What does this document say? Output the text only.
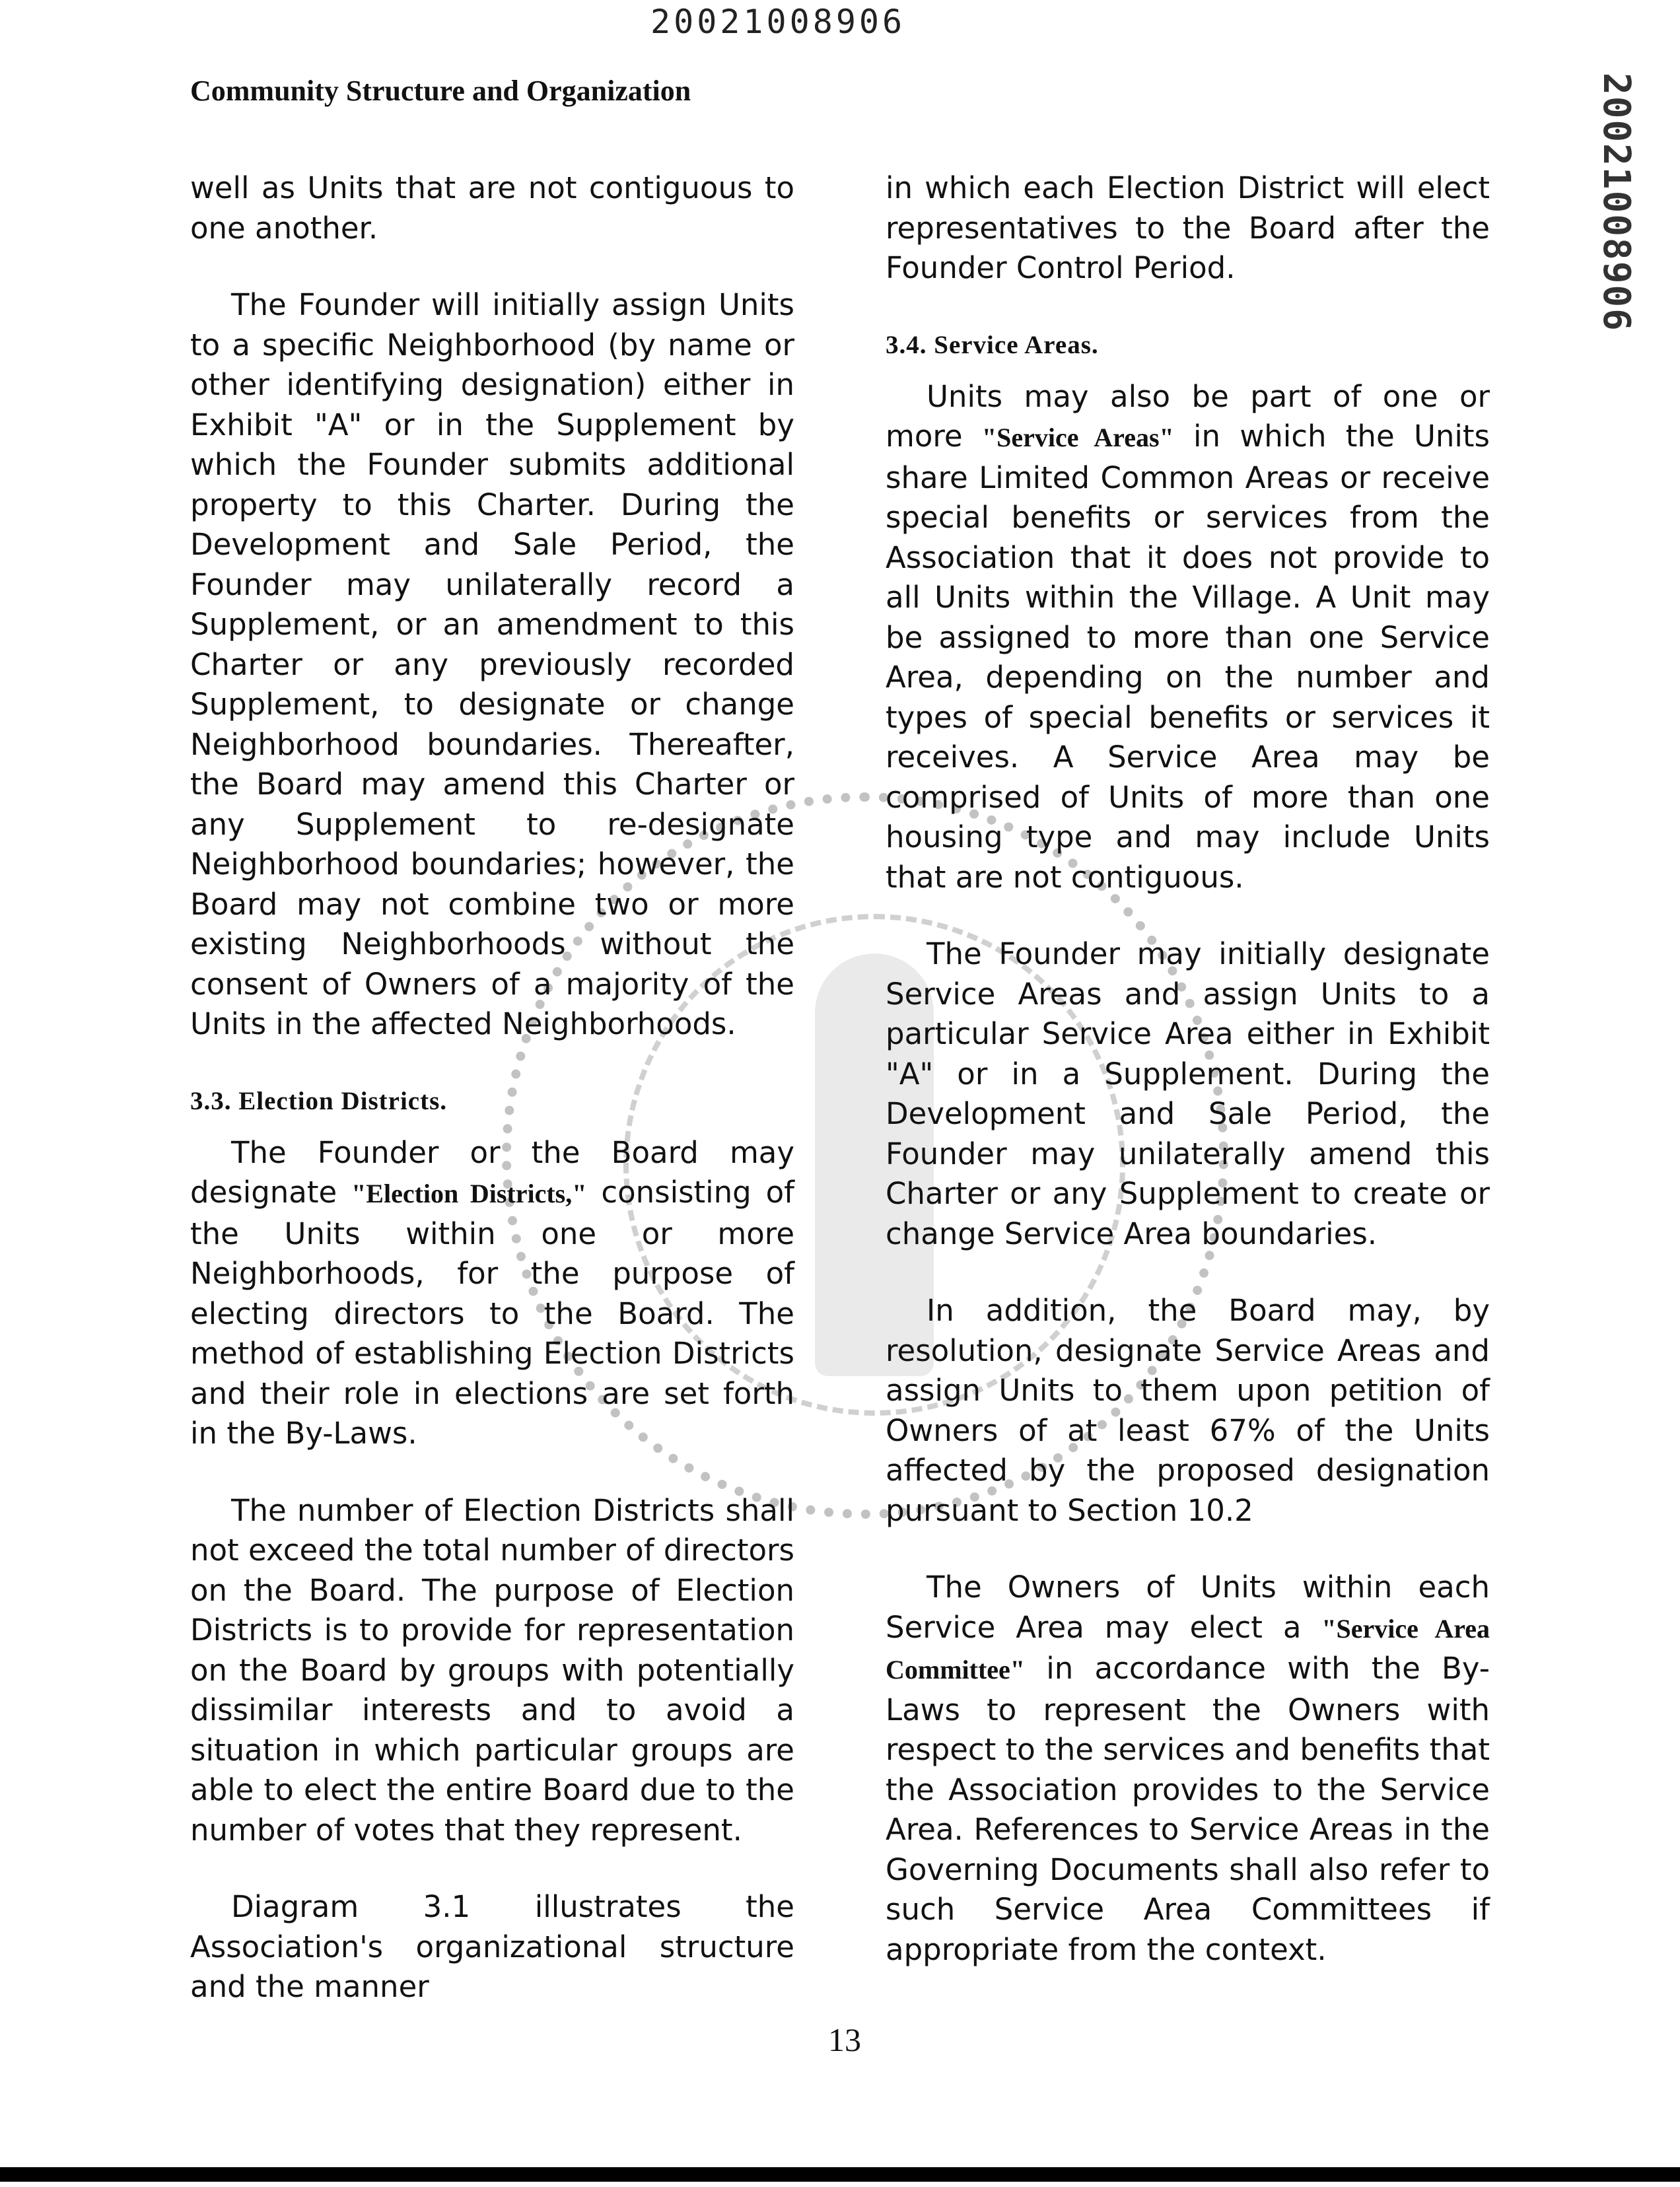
20021008906
Community Structure and Organization	20021008906

well as Units that are not contiguous to one another.

The Founder will initially assign Units to a specific Neighborhood (by name or other identifying designation) either in Exhibit "A" or in the Supplement by which the Founder submits additional property to this Charter. During the Development and Sale Period, the Founder may unilaterally record a Supplement, or an amendment to this Charter or any previously recorded Supplement, to designate or change Neighborhood boundaries. Thereafter, the Board may amend this Charter or any Supplement to re-designate Neighborhood boundaries; however, the Board may not combine two or more existing Neighborhoods without the consent of Owners of a majority of the Units in the affected Neighborhoods.

3.3. Election Districts.

The Founder or the Board may designate "Election Districts," consisting of the Units within one or more Neighborhoods, for the purpose of electing directors to the Board. The method of establishing Election Districts and their role in elections are set forth in the By-Laws.

The number of Election Districts shall not exceed the total number of directors on the Board. The purpose of Election Districts is to provide for representation on the Board by groups with potentially dissimilar interests and to avoid a situation in which particular groups are able to elect the entire Board due to the number of votes that they represent.

Diagram 3.1 illustrates the Association's organizational structure and the manner

in which each Election District will elect representatives to the Board after the Founder Control Period.

3.4. Service Areas.

Units may also be part of one or more "Service Areas" in which the Units share Limited Common Areas or receive special benefits or services from the Association that it does not provide to all Units within the Village. A Unit may be assigned to more than one Service Area, depending on the number and types of special benefits or services it receives. A Service Area may be comprised of Units of more than one housing type and may include Units that are not contiguous.

The Founder may initially designate Service Areas and assign Units to a particular Service Area either in Exhibit "A" or in a Supplement. During the Development and Sale Period, the Founder may unilaterally amend this Charter or any Supplement to create or change Service Area boundaries.

In addition, the Board may, by resolution, designate Service Areas and assign Units to them upon petition of Owners of at least 67% of the Units affected by the proposed designation pursuant to Section 10.2

The Owners of Units within each Service Area may elect a "Service Area Committee" in accordance with the By-Laws to represent the Owners with respect to the services and benefits that the Association provides to the Service Area. References to Service Areas in the Governing Documents shall also refer to such Service Area Committees if appropriate from the context.

13
